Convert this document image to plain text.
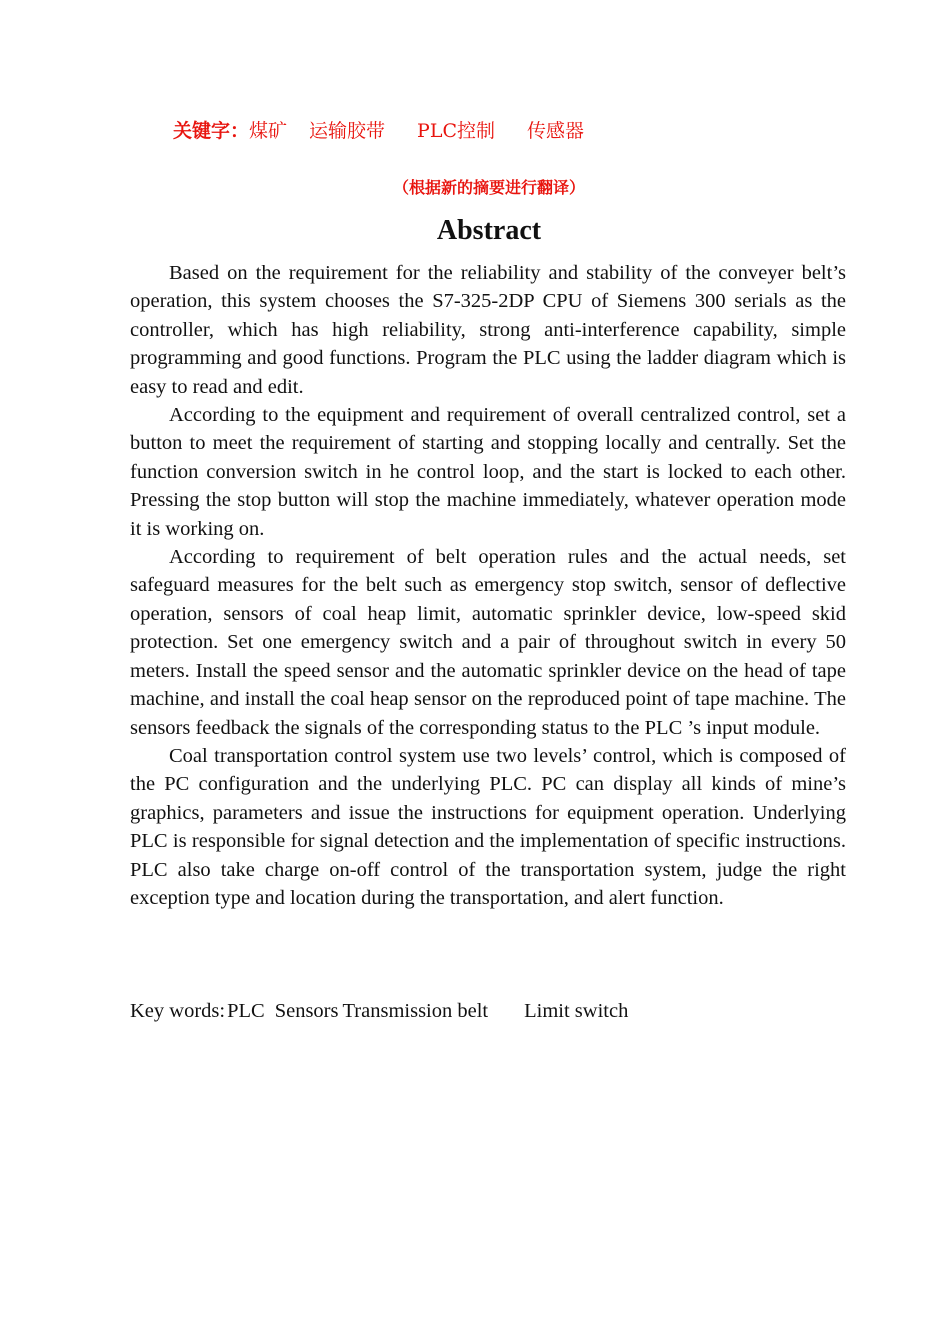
关键字：煤矿 运输胶带 PLC控制 传感器
（根据新的摘要进行翻译）
Abstract

Based on the requirement for the reliability and stability of the conveyer belt’s operation, this system chooses the S7-325-2DP CPU of Siemens 300 serials as the controller, which has high reliability, strong anti-interference capability, simple programming and good functions. Program the PLC using the ladder diagram which is easy to read and edit.

According to the equipment and requirement of overall centralized control, set a button to meet the requirement of starting and stopping locally and centrally. Set the function conversion switch in he control loop, and the start is locked to each other. Pressing the stop button will stop the machine immediately, whatever operation mode it is working on.

According to requirement of belt operation rules and the actual needs, set safeguard measures for the belt such as emergency stop switch, sensor of deflective operation, sensors of coal heap limit, automatic sprinkler device, low-speed skid protection. Set one emergency switch and a pair of throughout switch in every 50 meters. Install the speed sensor and the automatic sprinkler device on the head of tape machine, and install the coal heap sensor on the reproduced point of tape machine. The sensors feedback the signals of the corresponding status to the PLC ’s input module.

Coal transportation control system use two levels’ control, which is composed of the PC configuration and the underlying PLC. PC can display all kinds of mine’s graphics, parameters and issue the instructions for equipment operation. Underlying PLC is responsible for signal detection and the implementation of specific instructions. PLC also take charge on-off control of the transportation system, judge the right exception type and location during the transportation, and alert function.

Key words:PLC Sensors Transmission belt Limit switch
